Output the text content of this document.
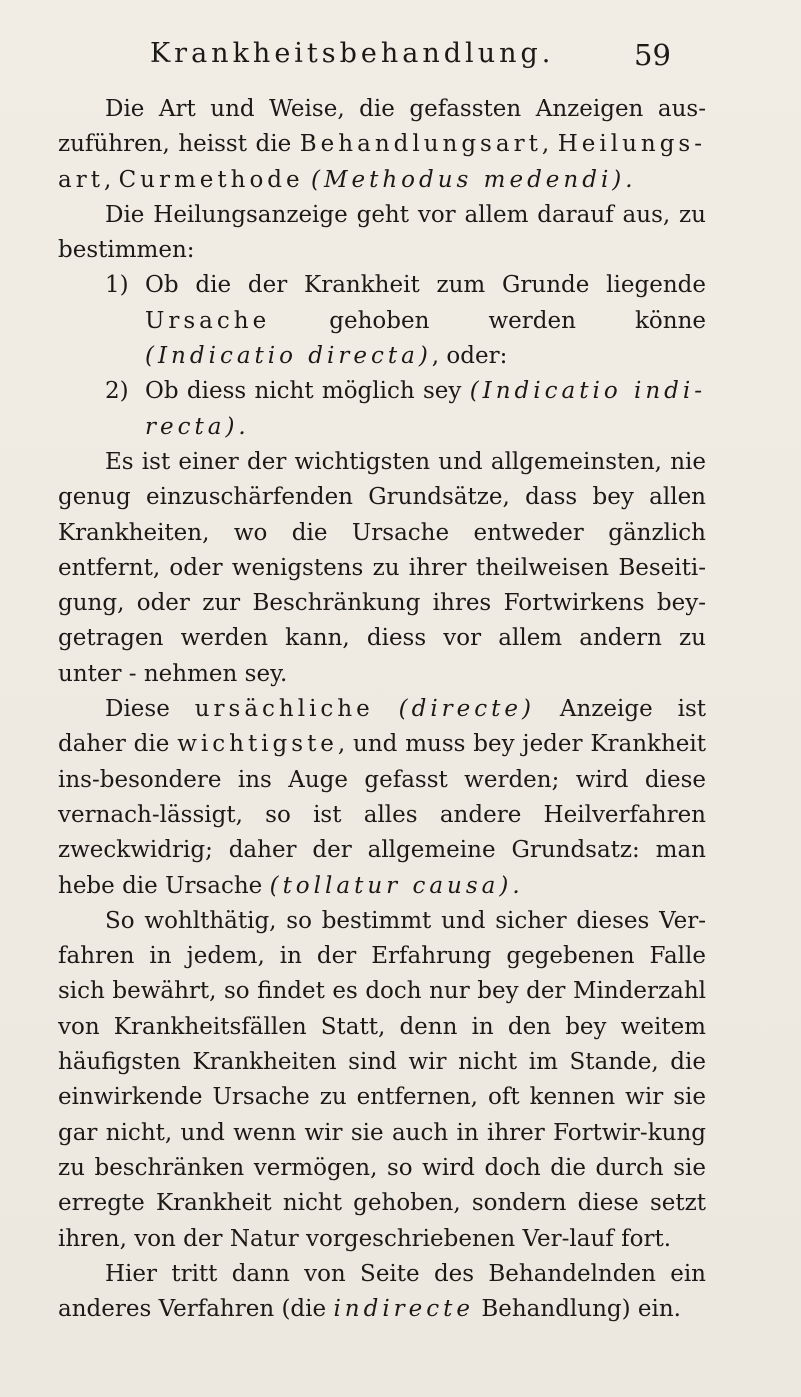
Krankheitsbehandlung.	59

Die Art und Weise, die gefassten Anzeigen aus-zuführen, heisst die Behandlungsart, Heilungs-art, Curmethode (Methodus medendi).

Die Heilungsanzeige geht vor allem darauf aus, zu bestimmen:

1) Ob die der Krankheit zum Grunde liegende Ursache gehoben werden könne (Indicatio directa), oder:
2) Ob diess nicht möglich sey (Indicatio indi-recta).

Es ist einer der wichtigsten und allgemeinsten, nie genug einzuschärfenden Grundsätze, dass bey allen Krankheiten, wo die Ursache entweder gänzlich entfernt, oder wenigstens zu ihrer theilweisen Beseiti-gung, oder zur Beschränkung ihres Fortwirkens bey-getragen werden kann, diess vor allem andern zu unter - nehmen sey.

Diese ursächliche (directe) Anzeige ist daher die wichtigste, und muss bey jeder Krankheit ins-besondere ins Auge gefasst werden; wird diese vernach-lässigt, so ist alles andere Heilverfahren zweckwidrig; daher der allgemeine Grundsatz: man hebe die Ursache (tollatur causa).

So wohlthätig, so bestimmt und sicher dieses Ver-fahren in jedem, in der Erfahrung gegebenen Falle sich bewährt, so findet es doch nur bey der Minderzahl von Krankheitsfällen Statt, denn in den bey weitem häufigsten Krankheiten sind wir nicht im Stande, die einwirkende Ursache zu entfernen, oft kennen wir sie gar nicht, und wenn wir sie auch in ihrer Fortwir-kung zu beschränken vermögen, so wird doch die durch sie erregte Krankheit nicht gehoben, sondern diese setzt ihren, von der Natur vorgeschriebenen Ver-lauf fort.

Hier tritt dann von Seite des Behandelnden ein anderes Verfahren (die indirecte Behandlung) ein.
